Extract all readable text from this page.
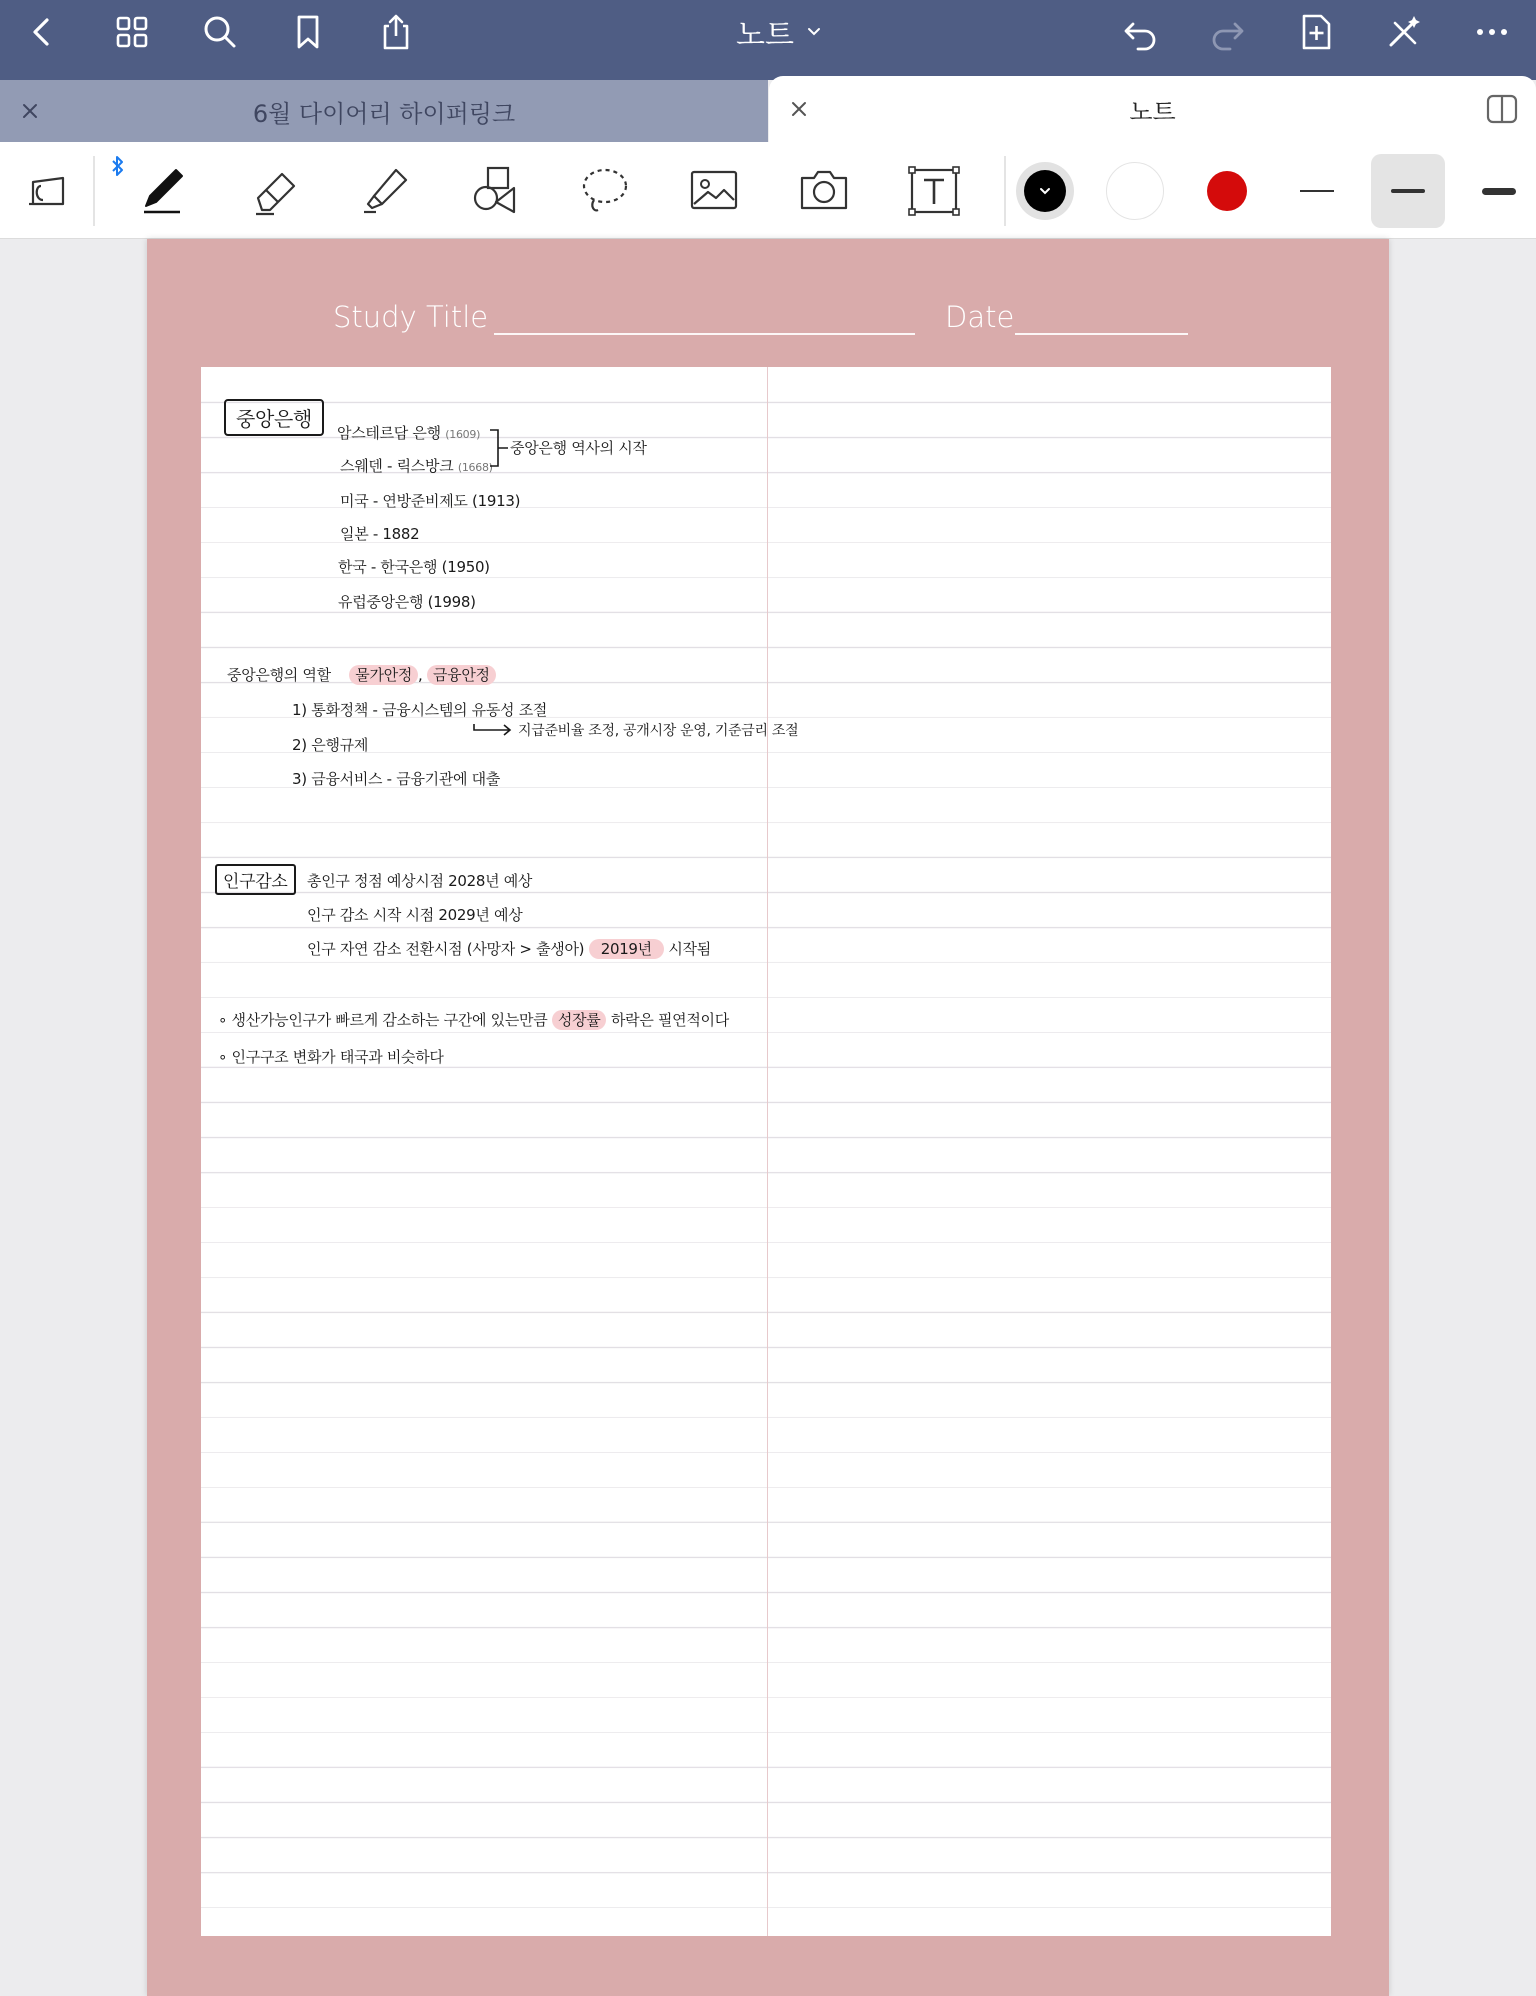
노트
6월 다이어리 하이퍼링크	노트
Study Title	Date
중앙은행
암스테르담 은행 (1609)
스웨덴 - 릭스방크 (1668)
중앙은행 역사의 시작
미국 - 연방준비제도 (1913)
일본 - 1882
한국 - 한국은행 (1950)
유럽중앙은행 (1998)
중앙은행의 역할 물가안정 , 금융안정
1) 통화정책 - 금융시스템의 유동성 조절
지급준비율 조정, 공개시장 운영, 기준금리 조절
2) 은행규제
3) 금융서비스 - 금융기관에 대출
인구감소	총인구 정점 예상시점 2028년 예상
인구 감소 시작 시점 2029년 예상
인구 자연 감소 전환시점 (사망자 > 출생아) 2019년 시작됨
∘ 생산가능인구가 빠르게 감소하는 구간에 있는만큼 성장률 하락은 필연적이다
∘ 인구구조 변화가 태국과 비슷하다
